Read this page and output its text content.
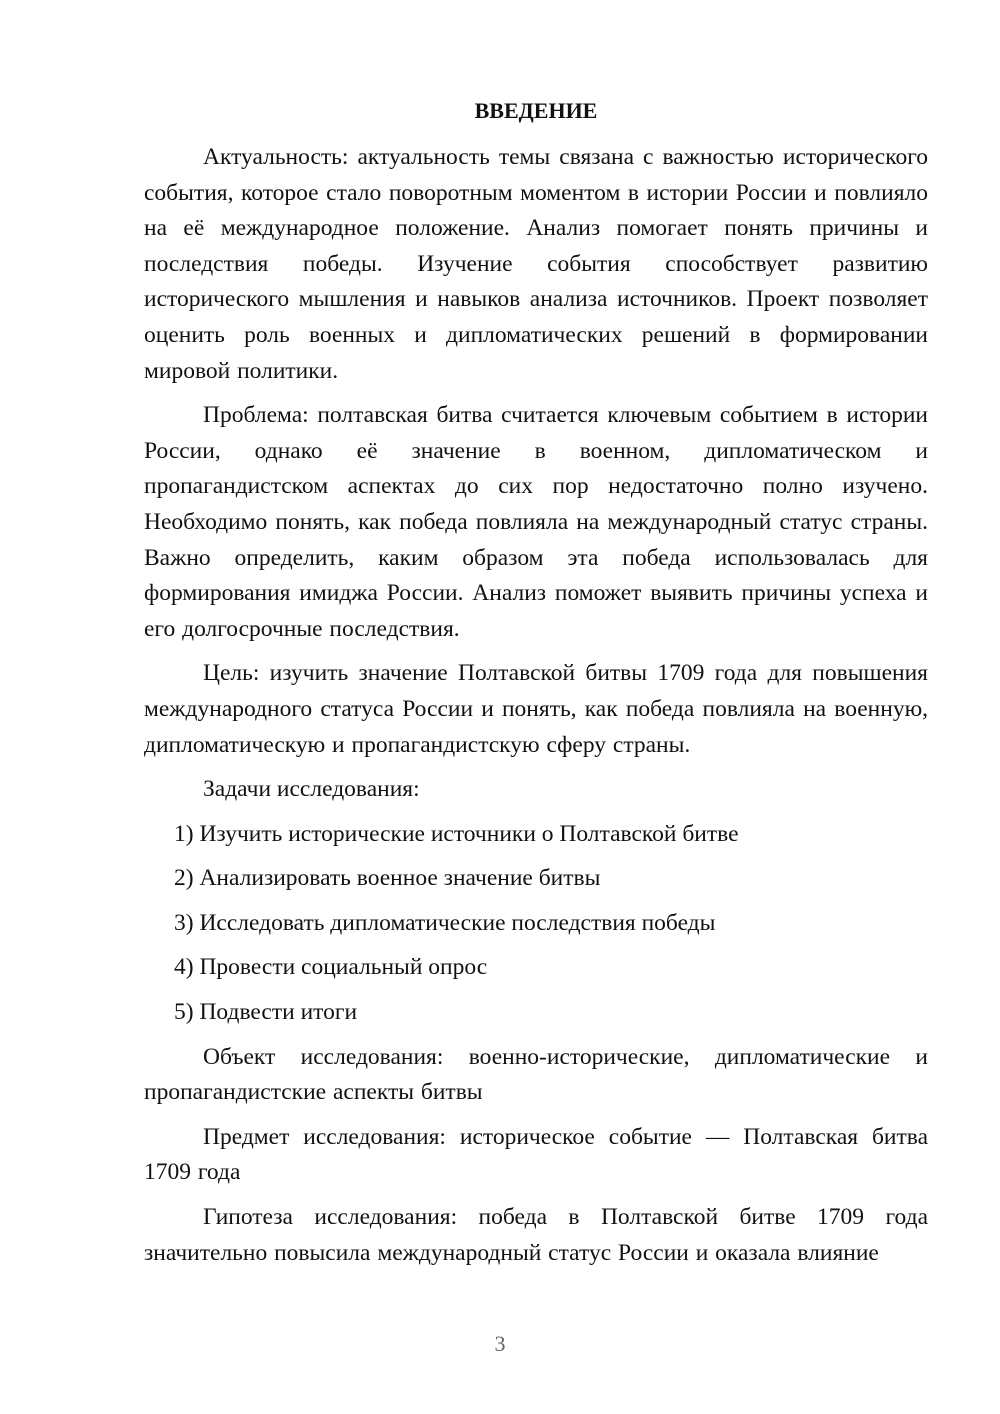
ВВЕДЕНИЕ
Актуальность: актуальность темы связана с важностью исторического события, которое стало поворотным моментом в истории России и повлияло на её международное положение. Анализ помогает понять причины и последствия победы. Изучение события способствует развитию исторического мышления и навыков анализа источников. Проект позволяет оценить роль военных и дипломатических решений в формировании мировой политики.
Проблема: полтавская битва считается ключевым событием в истории России, однако её значение в военном, дипломатическом и пропагандистском аспектах до сих пор недостаточно полно изучено. Необходимо понять, как победа повлияла на международный статус страны. Важно определить, каким образом эта победа использовалась для формирования имиджа России. Анализ поможет выявить причины успеха и его долгосрочные последствия.
Цель: изучить значение Полтавской битвы 1709 года для повышения международного статуса России и понять, как победа повлияла на военную, дипломатическую и пропагандистскую сферу страны.
Задачи исследования:
1) Изучить исторические источники о Полтавской битве
2) Анализировать военное значение битвы
3) Исследовать дипломатические последствия победы
4) Провести социальный опрос
5) Подвести итоги
Объект исследования: военно-исторические, дипломатические и пропагандистские аспекты битвы
Предмет исследования: историческое событие — Полтавская битва 1709 года
Гипотеза исследования: победа в Полтавской битве 1709 года значительно повысила международный статус России и оказала влияние
3
